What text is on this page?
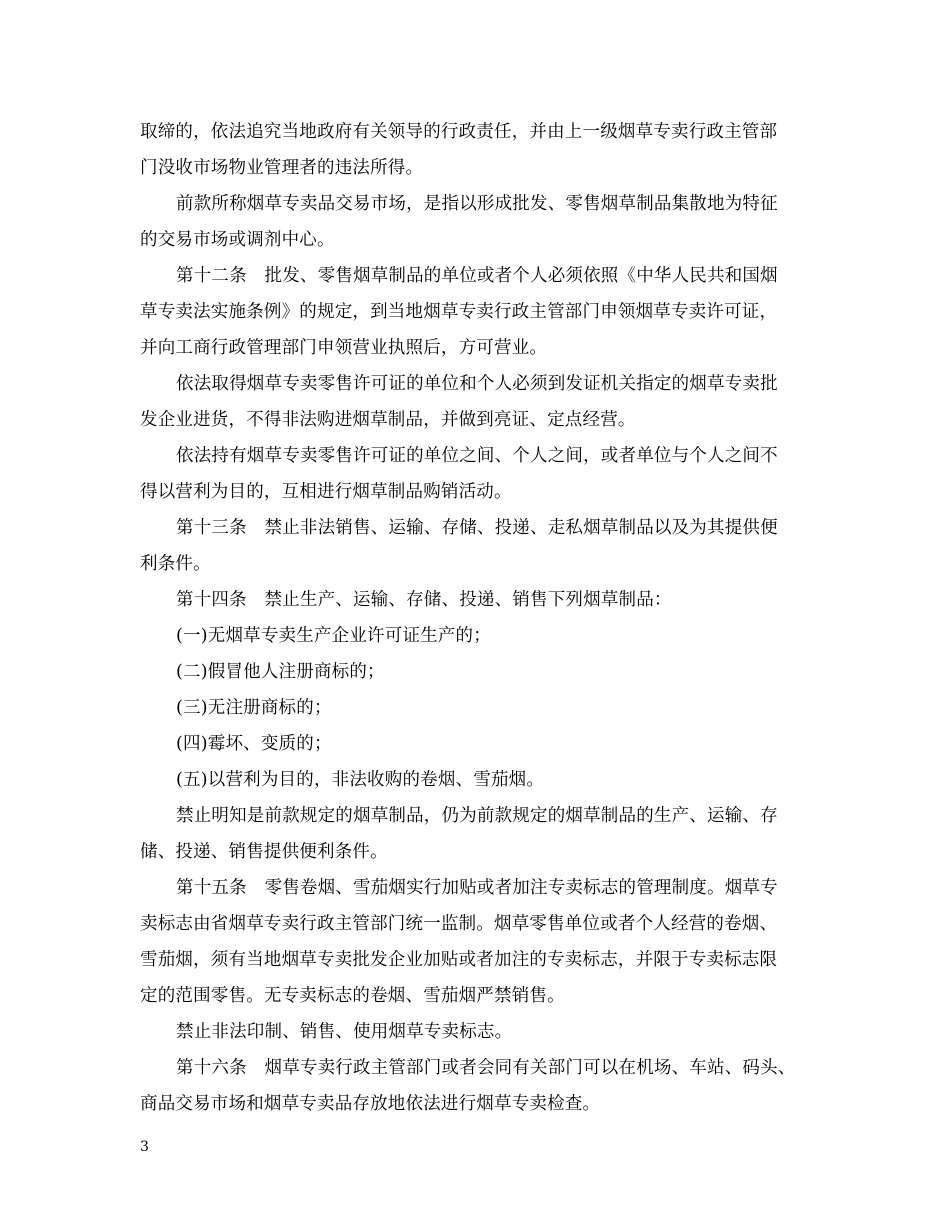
取缔的，依法追究当地政府有关领导的行政责任，并由上一级烟草专卖行政主管部
门没收市场物业管理者的违法所得。
前款所称烟草专卖品交易市场，是指以形成批发、零售烟草制品集散地为特征
的交易市场或调剂中心。
第十二条　批发、零售烟草制品的单位或者个人必须依照《中华人民共和国烟
草专卖法实施条例》的规定，到当地烟草专卖行政主管部门申领烟草专卖许可证，
并向工商行政管理部门申领营业执照后，方可营业。
依法取得烟草专卖零售许可证的单位和个人必须到发证机关指定的烟草专卖批
发企业进货，不得非法购进烟草制品，并做到亮证、定点经营。
依法持有烟草专卖零售许可证的单位之间、个人之间，或者单位与个人之间不
得以营利为目的，互相进行烟草制品购销活动。
第十三条　禁止非法销售、运输、存储、投递、走私烟草制品以及为其提供便
利条件。
第十四条　禁止生产、运输、存储、投递、销售下列烟草制品：
(一)无烟草专卖生产企业许可证生产的；
(二)假冒他人注册商标的；
(三)无注册商标的；
(四)霉坏、变质的；
(五)以营利为目的，非法收购的卷烟、雪茄烟。
禁止明知是前款规定的烟草制品，仍为前款规定的烟草制品的生产、运输、存
储、投递、销售提供便利条件。
第十五条　零售卷烟、雪茄烟实行加贴或者加注专卖标志的管理制度。烟草专
卖标志由省烟草专卖行政主管部门统一监制。烟草零售单位或者个人经营的卷烟、
雪茄烟，须有当地烟草专卖批发企业加贴或者加注的专卖标志，并限于专卖标志限
定的范围零售。无专卖标志的卷烟、雪茄烟严禁销售。
禁止非法印制、销售、使用烟草专卖标志。
第十六条　烟草专卖行政主管部门或者会同有关部门可以在机场、车站、码头、
商品交易市场和烟草专卖品存放地依法进行烟草专卖检查。
3
